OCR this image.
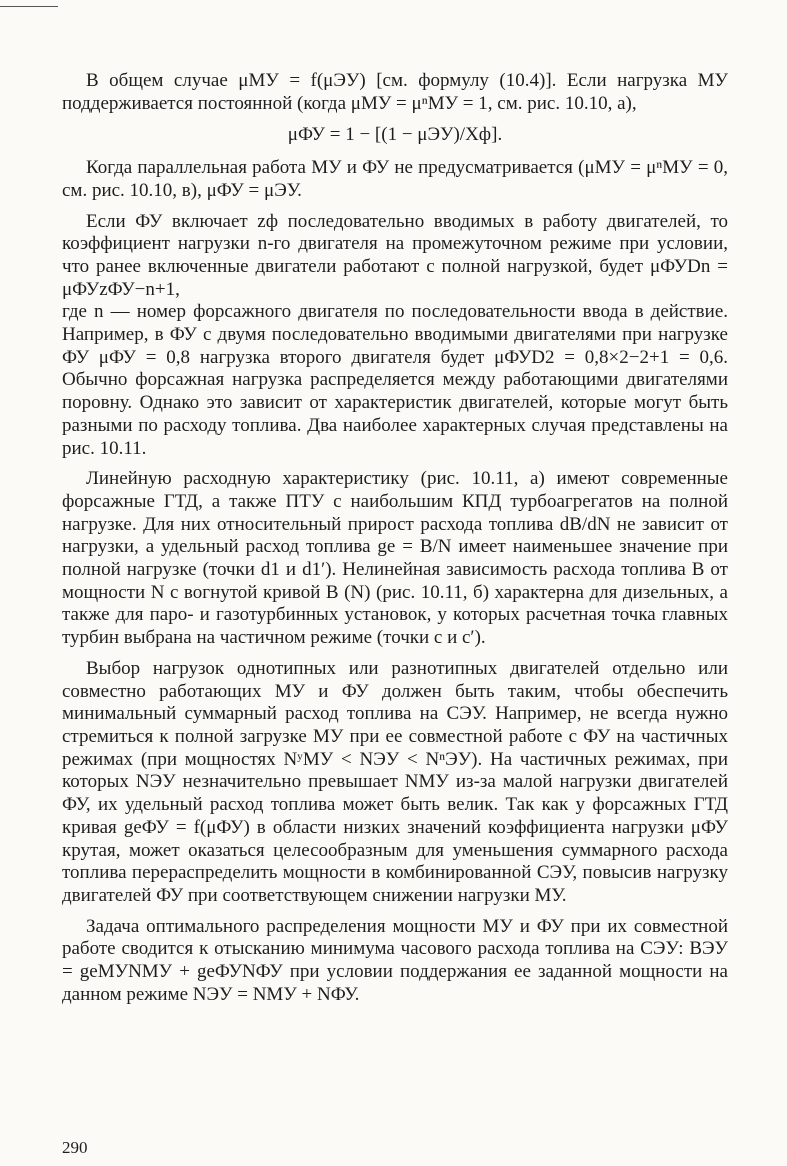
В общем случае μМУ = f(μЭУ) [см. формулу (10.4)]. Если нагрузка МУ поддерживается постоянной (когда μМУ = μⁿМУ = 1, см. рис. 10.10, а),

μФУ = 1 − [(1 − μЭУ)/Xф].

Когда параллельная работа МУ и ФУ не предусматривается (μМУ = μⁿМУ = 0, см. рис. 10.10, в), μФУ = μЭУ.

Если ФУ включает zф последовательно вводимых в работу двигателей, то коэффициент нагрузки n-го двигателя на промежуточном режиме при условии, что ранее включенные двигатели работают с полной нагрузкой, будет μФУDn = μФУzФУ−n+1,

где n — номер форсажного двигателя по последовательности ввода в действие. Например, в ФУ с двумя последовательно вводимыми двигателями при нагрузке ФУ μФУ = 0,8 нагрузка второго двигателя будет μФУD2 = 0,8×2−2+1 = 0,6. Обычно форсажная нагрузка распределяется между работающими двигателями поровну. Однако это зависит от характеристик двигателей, которые могут быть разными по расходу топлива. Два наиболее характерных случая представлены на рис. 10.11.

Линейную расходную характеристику (рис. 10.11, а) имеют современные форсажные ГТД, а также ПТУ с наибольшим КПД турбоагрегатов на полной нагрузке. Для них относительный прирост расхода топлива dB/dN не зависит от нагрузки, а удельный расход топлива ge = B/N имеет наименьшее значение при полной нагрузке (точки d1 и d1′). Нелинейная зависимость расхода топлива B от мощности N с вогнутой кривой B (N) (рис. 10.11, б) характерна для дизельных, а также для паро- и газотурбинных установок, у которых расчетная точка главных турбин выбрана на частичном режиме (точки c и c′).

Выбор нагрузок однотипных или разнотипных двигателей отдельно или совместно работающих МУ и ФУ должен быть таким, чтобы обеспечить минимальный суммарный расход топлива на СЭУ. Например, не всегда нужно стремиться к полной загрузке МУ при ее совместной работе с ФУ на частичных режимах (при мощностях NʸМУ < NЭУ < NⁿЭУ). На частичных режимах, при которых NЭУ незначительно превышает NМУ из-за малой нагрузки двигателей ФУ, их удельный расход топлива может быть велик. Так как у форсажных ГТД кривая geФУ = f(μФУ) в области низких значений коэффициента нагрузки μФУ крутая, может оказаться целесообразным для уменьшения суммарного расхода топлива перераспределить мощности в комбинированной СЭУ, повысив нагрузку двигателей ФУ при соответствующем снижении нагрузки МУ.

Задача оптимального распределения мощности МУ и ФУ при их совместной работе сводится к отысканию минимума часового расхода топлива на СЭУ: BЭУ = geМУNМУ + geФУNФУ при условии поддержания ее заданной мощности на данном режиме NЭУ = NМУ + NФУ.

290
